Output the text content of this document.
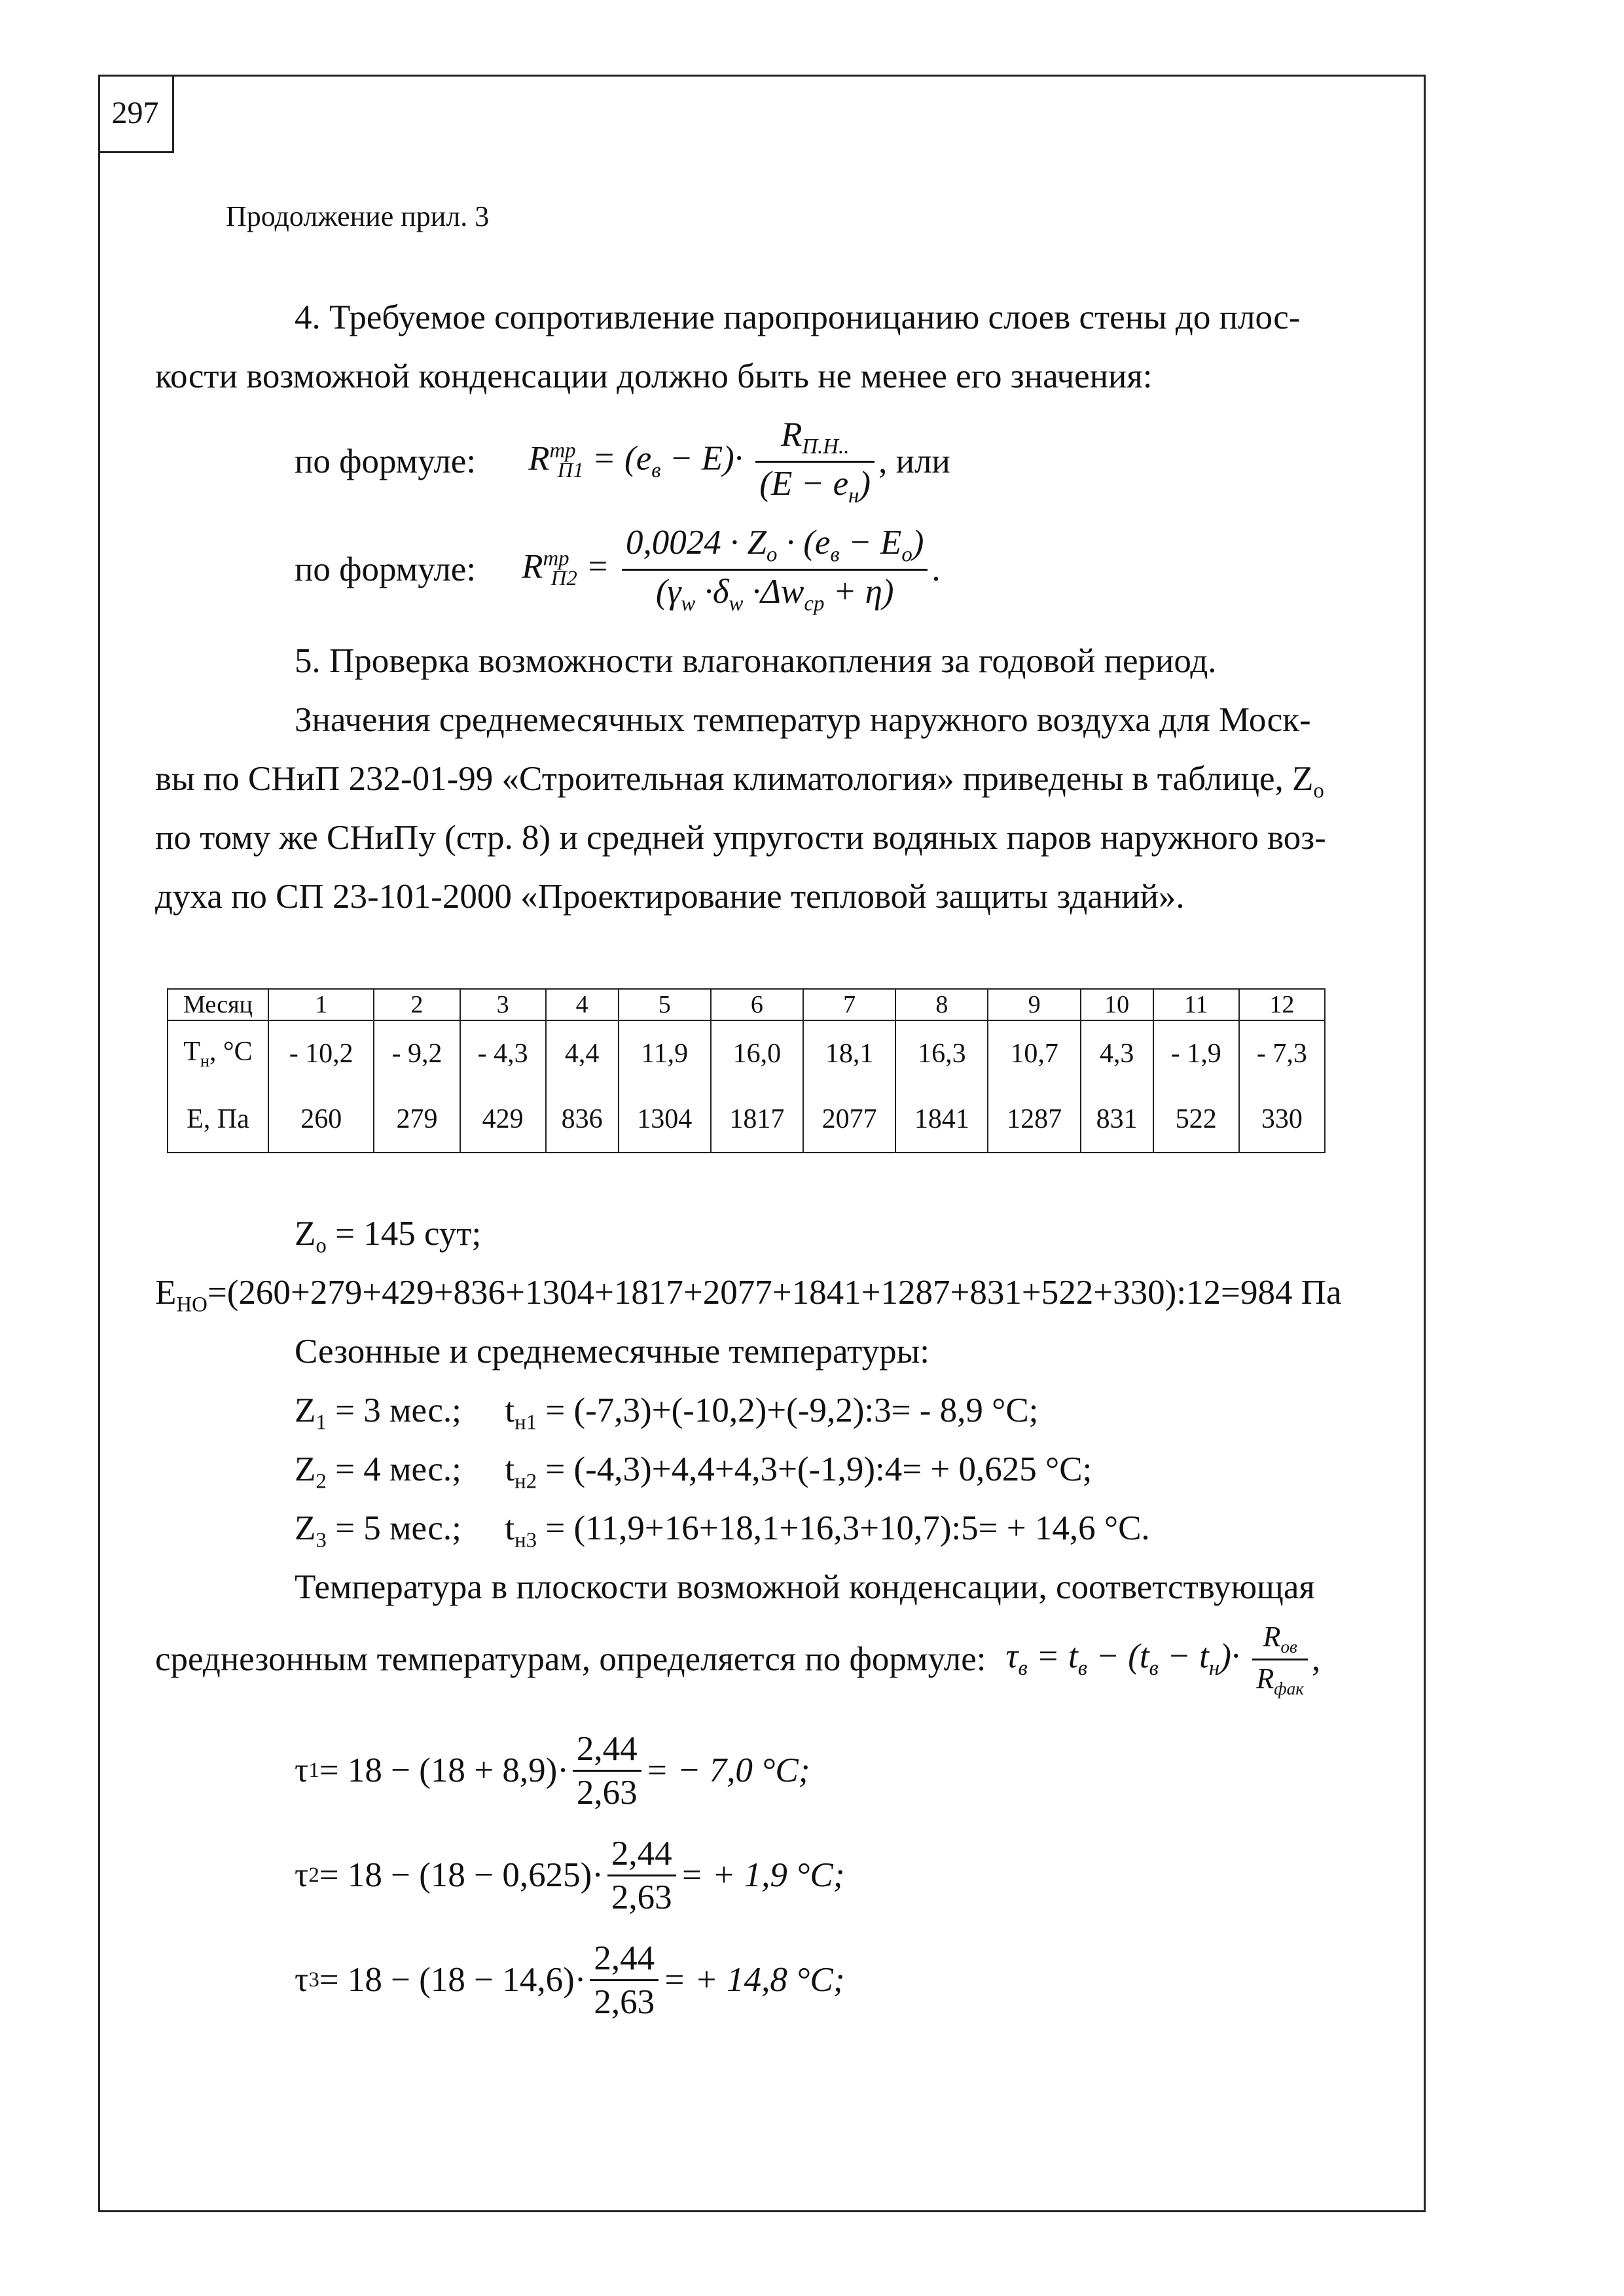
297
Продолжение прил. 3
4. Требуемое сопротивление паропроницанию слоев стены до плос-
кости возможной конденсации должно быть не менее его значения:
по формуле: $R^{тр}_{П1} = (e_в - E)\cdot \frac{R_{П.Н..}}{(E - e_н)}$ , или
по формуле: $R^{тр}_{П2} = \frac{0,0024 \cdot Z_o \cdot (e_в - E_o)}{(\gamma_w \cdot\delta_w \cdot\Delta w_{ср} + \eta)}$ .
5. Проверка возможности влагонакопления за годовой период.
Значения среднемесячных температур наружного воздуха для Моск-
вы по СНиП 232-01-99 «Строительная климатология» приведены в таблице, $Z_o$
по тому же СНиПу (стр. 8) и средней упругости водяных паров наружного воз-
духа по СП 23-101-2000 «Проектирование тепловой защиты зданий».
Месяц	1	2	3	4	5	6	7	8	9	10	11	12
$Т_н$, °С	- 10,2	- 9,2	- 4,3	4,4	11,9	16,0	18,1	16,3	10,7	4,3	- 1,9	- 7,3
Е, Па	260	279	429	836	1304	1817	2077	1841	1287	831	522	330
$Z_o = 145$ сут;
$E_{НО}=(260+279+429+836+1304+1817+2077+1841+1287+831+522+330):12=984$ Па
Сезонные и среднемесячные температуры:
$Z_1 = 3$ мес.; $t_{н1}$ = (-7,3)+(-10,2)+(-9,2):3= - 8,9 °С;
$Z_2 = 4$ мес.; $t_{н2}$ = (-4,3)+4,4+4,3+(-1,9):4= + 0,625 °С;
$Z_3 = 5$ мес.; $t_{н3}$ = (11,9+16+18,1+16,3+10,7):5= + 14,6 °С.
Температура в плоскости возможной конденсации, соответствующая
среднезонным температурам, определяется по формуле: $\tau_в = t_в - (t_в - t_н)\cdot \frac{R_{ов}}{R_{фак}}$ ,
τ $1 = 18 - (18 + 8,9)\cdot \frac{2,44}{2,63}$ = − 7,0 °C;
τ $2 = 18 - (18 - 0,625)\cdot \frac{2,44}{2,63}$ = + 1,9 °C;
τ $3 = 18 - (18 - 14,6)\cdot \frac{2,44}{2,63}$ = + 14,8 °C;
